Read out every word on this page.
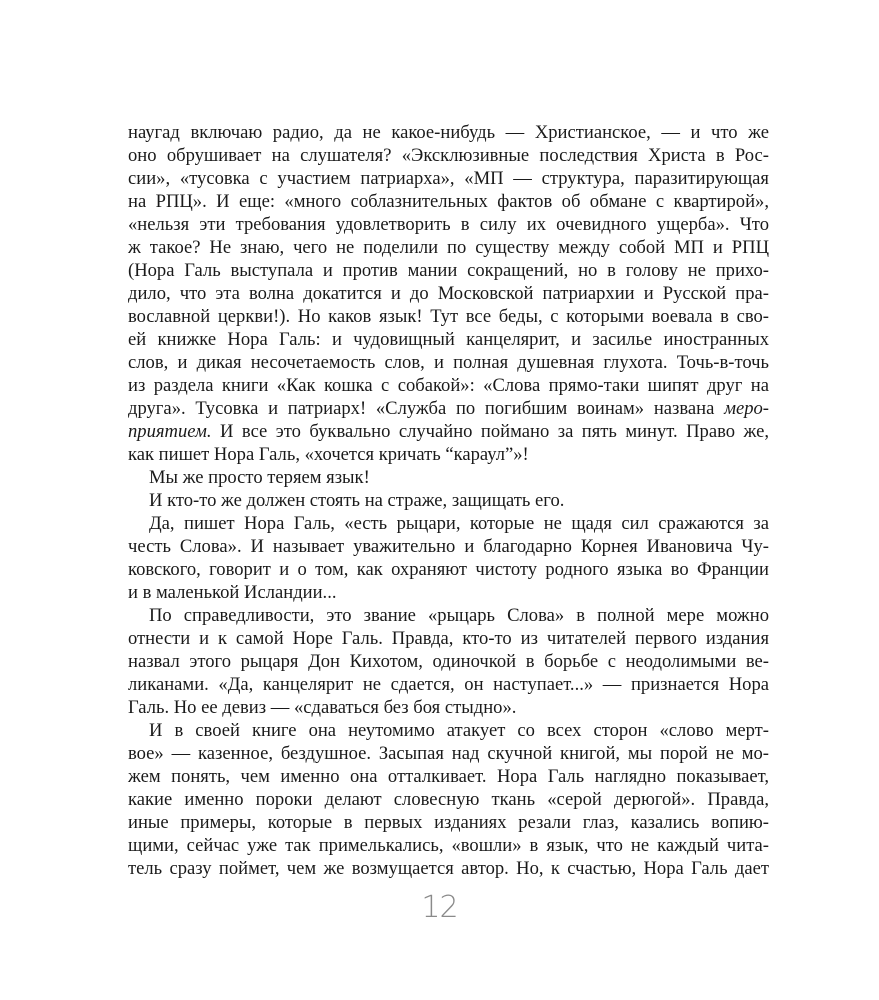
наугад включаю радио, да не какое-нибудь — Христианское, — и что же
оно обрушивает на слушателя? «Эксклюзивные последствия Христа в Рос-
сии», «тусовка с участием патриарха», «МП — структура, паразитирующая
на РПЦ». И еще: «много соблазнительных фактов об обмане с квартирой»,
«нельзя эти требования удовлетворить в силу их очевидного ущерба». Что
ж такое? Не знаю, чего не поделили по существу между собой МП и РПЦ
(Нора Галь выступала и против мании сокращений, но в голову не прихо-
дило, что эта волна докатится и до Московской патриархии и Русской пра-
вославной церкви!). Но каков язык! Тут все беды, с которыми воевала в сво-
ей книжке Нора Галь: и чудовищный канцелярит, и засилье иностранных
слов, и дикая несочетаемость слов, и полная душевная глухота. Точь-в-точь
из раздела книги «Как кошка с собакой»: «Слова прямо-таки шипят друг на
друга». Тусовка и патриарх! «Служба по погибшим воинам» названа меро-
приятием. И все это буквально случайно поймано за пять минут. Право же,
как пишет Нора Галь, «хочется кричать “караул”»!
Мы же просто теряем язык!
И кто-то же должен стоять на страже, защищать его.
Да, пишет Нора Галь, «есть рыцари, которые не щадя сил сражаются за
честь Слова». И называет уважительно и благодарно Корнея Ивановича Чу-
ковского, говорит и о том, как охраняют чистоту родного языка во Франции
и в маленькой Исландии...
По справедливости, это звание «рыцарь Слова» в полной мере можно
отнести и к самой Норе Галь. Правда, кто-то из читателей первого издания
назвал этого рыцаря Дон Кихотом, одиночкой в борьбе с неодолимыми ве-
ликанами. «Да, канцелярит не сдается, он наступает...» — признается Нора
Галь. Но ее девиз — «сдаваться без боя стыдно».
И в своей книге она неутомимо атакует со всех сторон «слово мерт-
вое» — казенное, бездушное. Засыпая над скучной книгой, мы порой не мо-
жем понять, чем именно она отталкивает. Нора Галь наглядно показывает,
какие именно пороки делают словесную ткань «серой дерюгой». Правда,
иные примеры, которые в первых изданиях резали глаз, казались вопию-
щими, сейчас уже так примелькались, «вошли» в язык, что не каждый чита-
тель сразу поймет, чем же возмущается автор. Но, к счастью, Нора Галь дает
12
